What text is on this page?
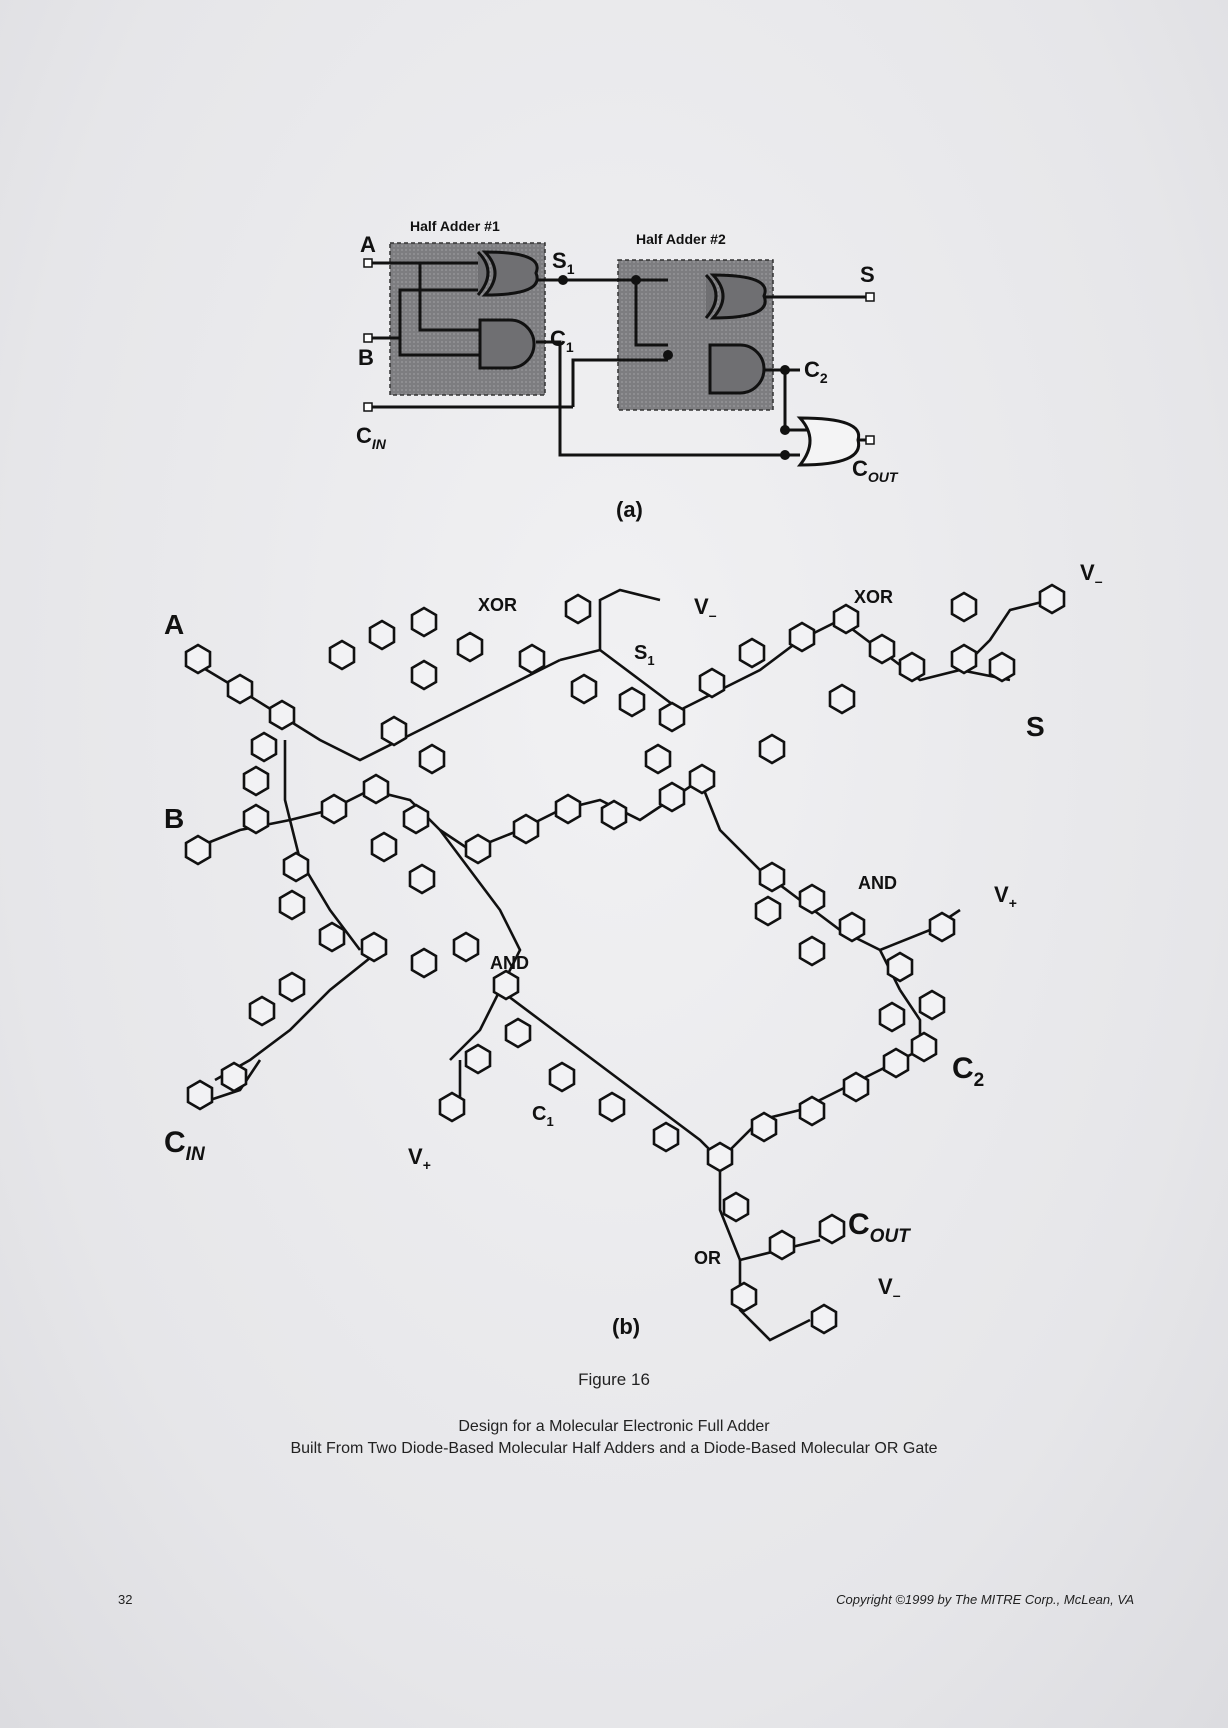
Half Adder #1
Half Adder #2
A
B
$C_{IN}$
$S_1$
$C_1$
S
$C_2$
$C_{OUT}$
(a)
XOR	XOR
AND
AND
OR
A
B
$C_{IN}$
S
$S_1$
$C_1$
$C_2$
$C_{OUT}$
$V_-$
$V_-$
$V_-$
$V_+$
$V_+$
(b)
Figure 16
Design for a Molecular Electronic Full Adder
Built From Two Diode-Based Molecular Half Adders and a Diode-Based Molecular OR Gate
32	Copyright ©1999 by The MITRE Corp., McLean, VA
